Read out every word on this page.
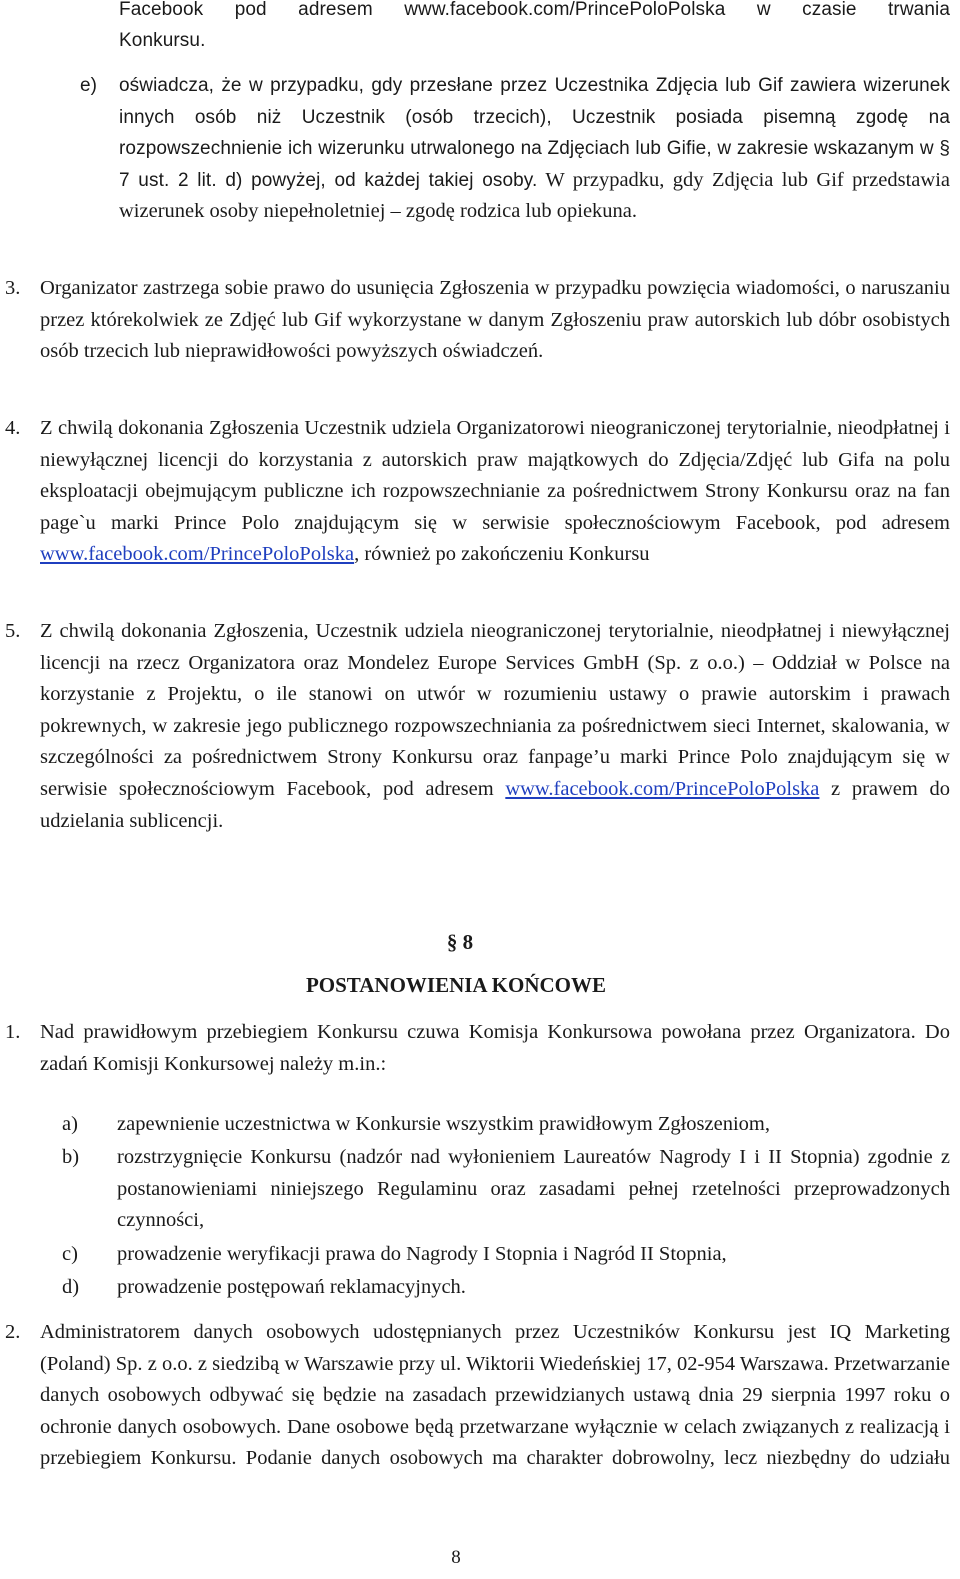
Facebook pod adresem www.facebook.com/PrincePoloPolska w czasie trwania

Konkursu.

e) oświadcza, że w przypadku, gdy przesłane przez Uczestnika Zdjęcia lub Gif zawiera wizerunek innych osób niż Uczestnik (osób trzecich), Uczestnik posiada pisemną zgodę na rozpowszechnienie ich wizerunku utrwalonego na Zdjęciach lub Gifie, w zakresie wskazanym w § 7 ust. 2 lit. d) powyżej, od każdej takiej osoby. W przypadku, gdy Zdjęcia lub Gif przedstawia wizerunek osoby niepełnoletniej – zgodę rodzica lub opiekuna.

3. Organizator zastrzega sobie prawo do usunięcia Zgłoszenia w przypadku powzięcia wiadomości, o naruszaniu przez którekolwiek ze Zdjęć lub Gif wykorzystane w danym Zgłoszeniu praw autorskich lub dóbr osobistych osób trzecich lub nieprawidłowości powyższych oświadczeń.

4. Z chwilą dokonania Zgłoszenia Uczestnik udziela Organizatorowi nieograniczonej terytorialnie, nieodpłatnej i niewyłącznej licencji do korzystania z autorskich praw majątkowych do Zdjęcia/Zdjęć lub Gifa na polu eksploatacji obejmującym publiczne ich rozpowszechnianie za pośrednictwem Strony Konkursu oraz na fan page`u marki Prince Polo znajdującym się w serwisie społecznościowym Facebook, pod adresem www.facebook.com/PrincePoloPolska, również po zakończeniu Konkursu

5. Z chwilą dokonania Zgłoszenia, Uczestnik udziela nieograniczonej terytorialnie, nieodpłatnej i niewyłącznej licencji na rzecz Organizatora oraz Mondelez Europe Services GmbH (Sp. z o.o.) – Oddział w Polsce na korzystanie z Projektu, o ile stanowi on utwór w rozumieniu ustawy o prawie autorskim i prawach pokrewnych, w zakresie jego publicznego rozpowszechniania za pośrednictwem sieci Internet, skalowania, w szczególności za pośrednictwem Strony Konkursu oraz fanpage’u marki Prince Polo znajdującym się w serwisie społecznościowym Facebook, pod adresem www.facebook.com/PrincePoloPolska z prawem do udzielania sublicencji.

§ 8
POSTANOWIENIA KOŃCOWE
1. Nad prawidłowym przebiegiem Konkursu czuwa Komisja Konkursowa powołana przez Organizatora. Do zadań Komisji Konkursowej należy m.in.:

a) zapewnienie uczestnictwa w Konkursie wszystkim prawidłowym Zgłoszeniom,

b) rozstrzygnięcie Konkursu (nadzór nad wyłonieniem Laureatów Nagrody I i II Stopnia) zgodnie z postanowieniami niniejszego Regulaminu oraz zasadami pełnej rzetelności przeprowadzonych czynności,

c) prowadzenie weryfikacji prawa do Nagrody I Stopnia i Nagród II Stopnia,

d) prowadzenie postępowań reklamacyjnych.

2. Administratorem danych osobowych udostępnianych przez Uczestników Konkursu jest IQ Marketing (Poland) Sp. z o.o. z siedzibą w Warszawie przy ul. Wiktorii Wiedeńskiej 17, 02-954 Warszawa. Przetwarzanie danych osobowych odbywać się będzie na zasadach przewidzianych ustawą dnia 29 sierpnia 1997 roku o ochronie danych osobowych. Dane osobowe będą przetwarzane wyłącznie w celach związanych z realizacją i przebiegiem Konkursu. Podanie danych osobowych ma charakter dobrowolny, lecz niezbędny do udziału

8
